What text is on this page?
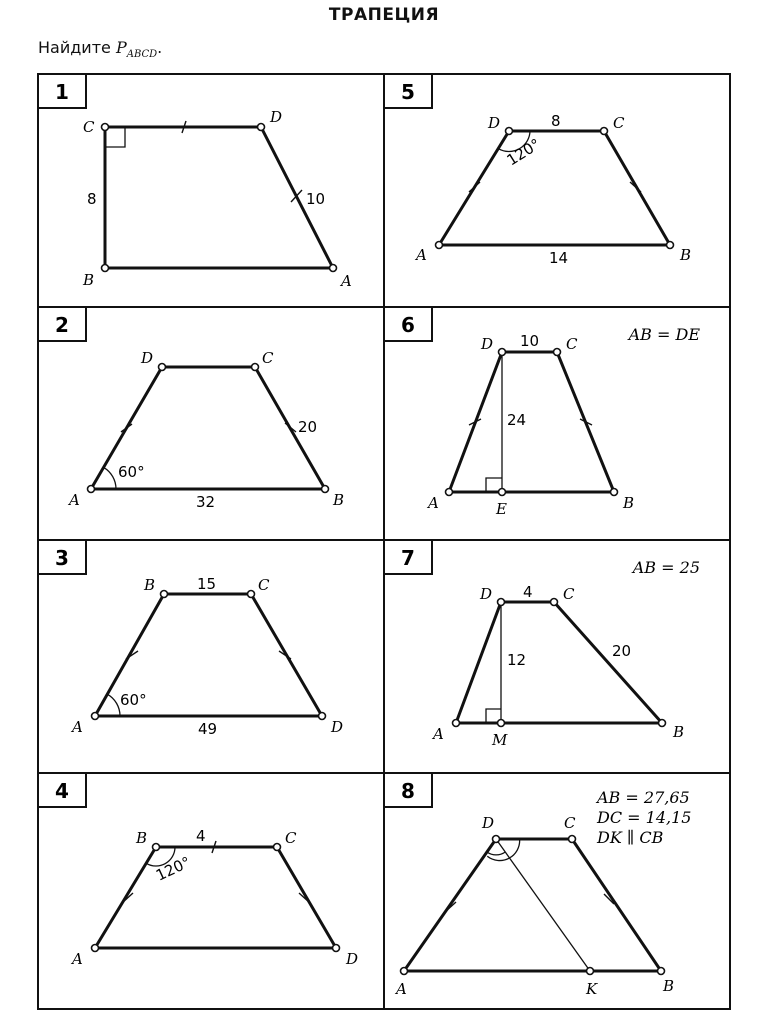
ТРАПЕЦИЯ
Найдите $P_{ABCD}$.
1
C
D
A
B
8	10
5
A
D	C
B
8
14
120°
2
A
D	C
B
20
32
60°
6
A
D	C
B
E
10
24
AB = DE
3
A
B	C
D
15
49
60°
7
A
D	C
B
M
4
12	20
AB = 25
4
A
B	C
D
4
120°
8
A
D	C
B
K
AB = 27,65
DC = 14,15
DK ∥ CB
